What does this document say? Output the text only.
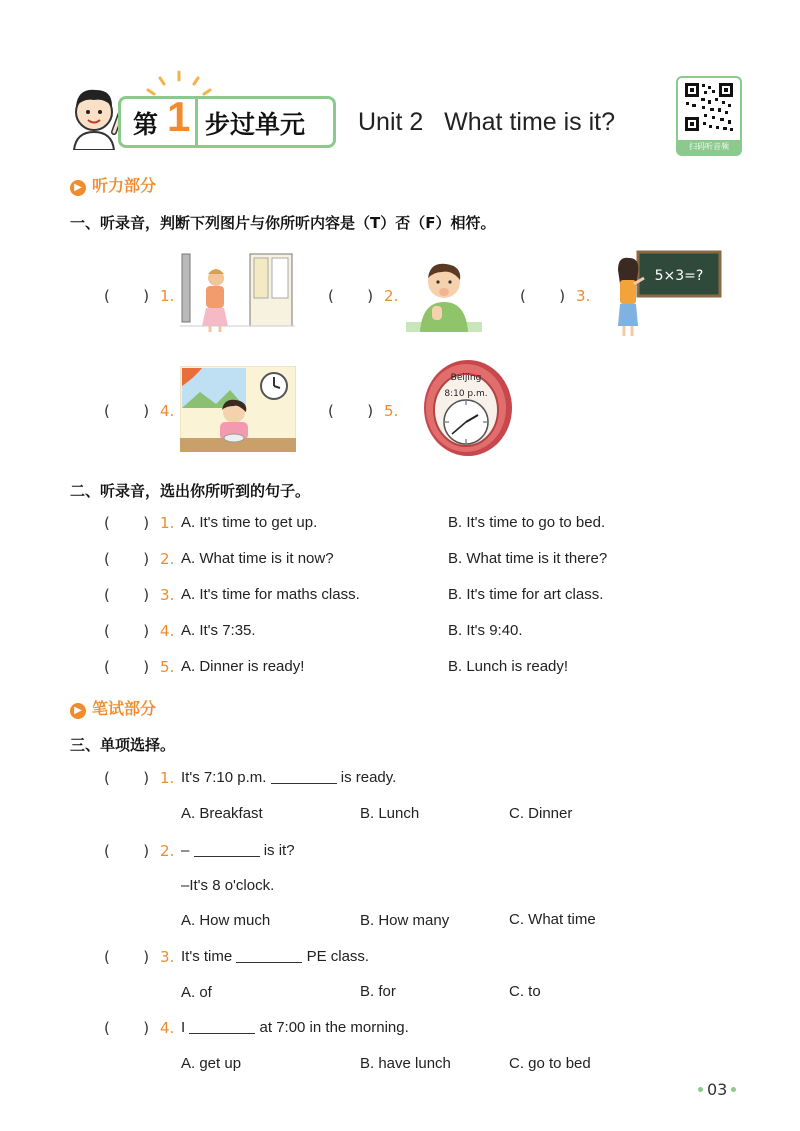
第 1 步过单元 Unit 2   What time is it?
扫码听音频
▶ 听力部分
一、听录音，判断下列图片与你所听内容是（T）否（F）相符。
(       ) 1.	(       ) 2.	(       ) 3.
5×3=?
(       ) 4.	(       ) 5.
Beijing
8:10 p.m.
二、听录音，选出你所听到的句子。
(       ) 1. A. It's time to get up.	B. It's time to go to bed.
(       ) 2. A. What time is it now?	B. What time is it there?
(       ) 3. A. It's time for maths class.	B. It's time for art class.
(       ) 4. A. It's 7:35.	B. It's 9:40.
(       ) 5. A. Dinner is ready!	B. Lunch is ready!
▶ 笔试部分
三、单项选择。
(       ) 1. It's 7:10 p.m.	is ready.
A. Breakfast	B. Lunch	C. Dinner
(       ) 2. –	is it?
–It's 8 o'clock.
A. How much	B. How many	C. What time
(       ) 3. It's time	PE class.
A. of	B. for	C. to
(       ) 4. I	at 7:00 in the morning.
A. get up	B. have lunch	C. go to bed
03
